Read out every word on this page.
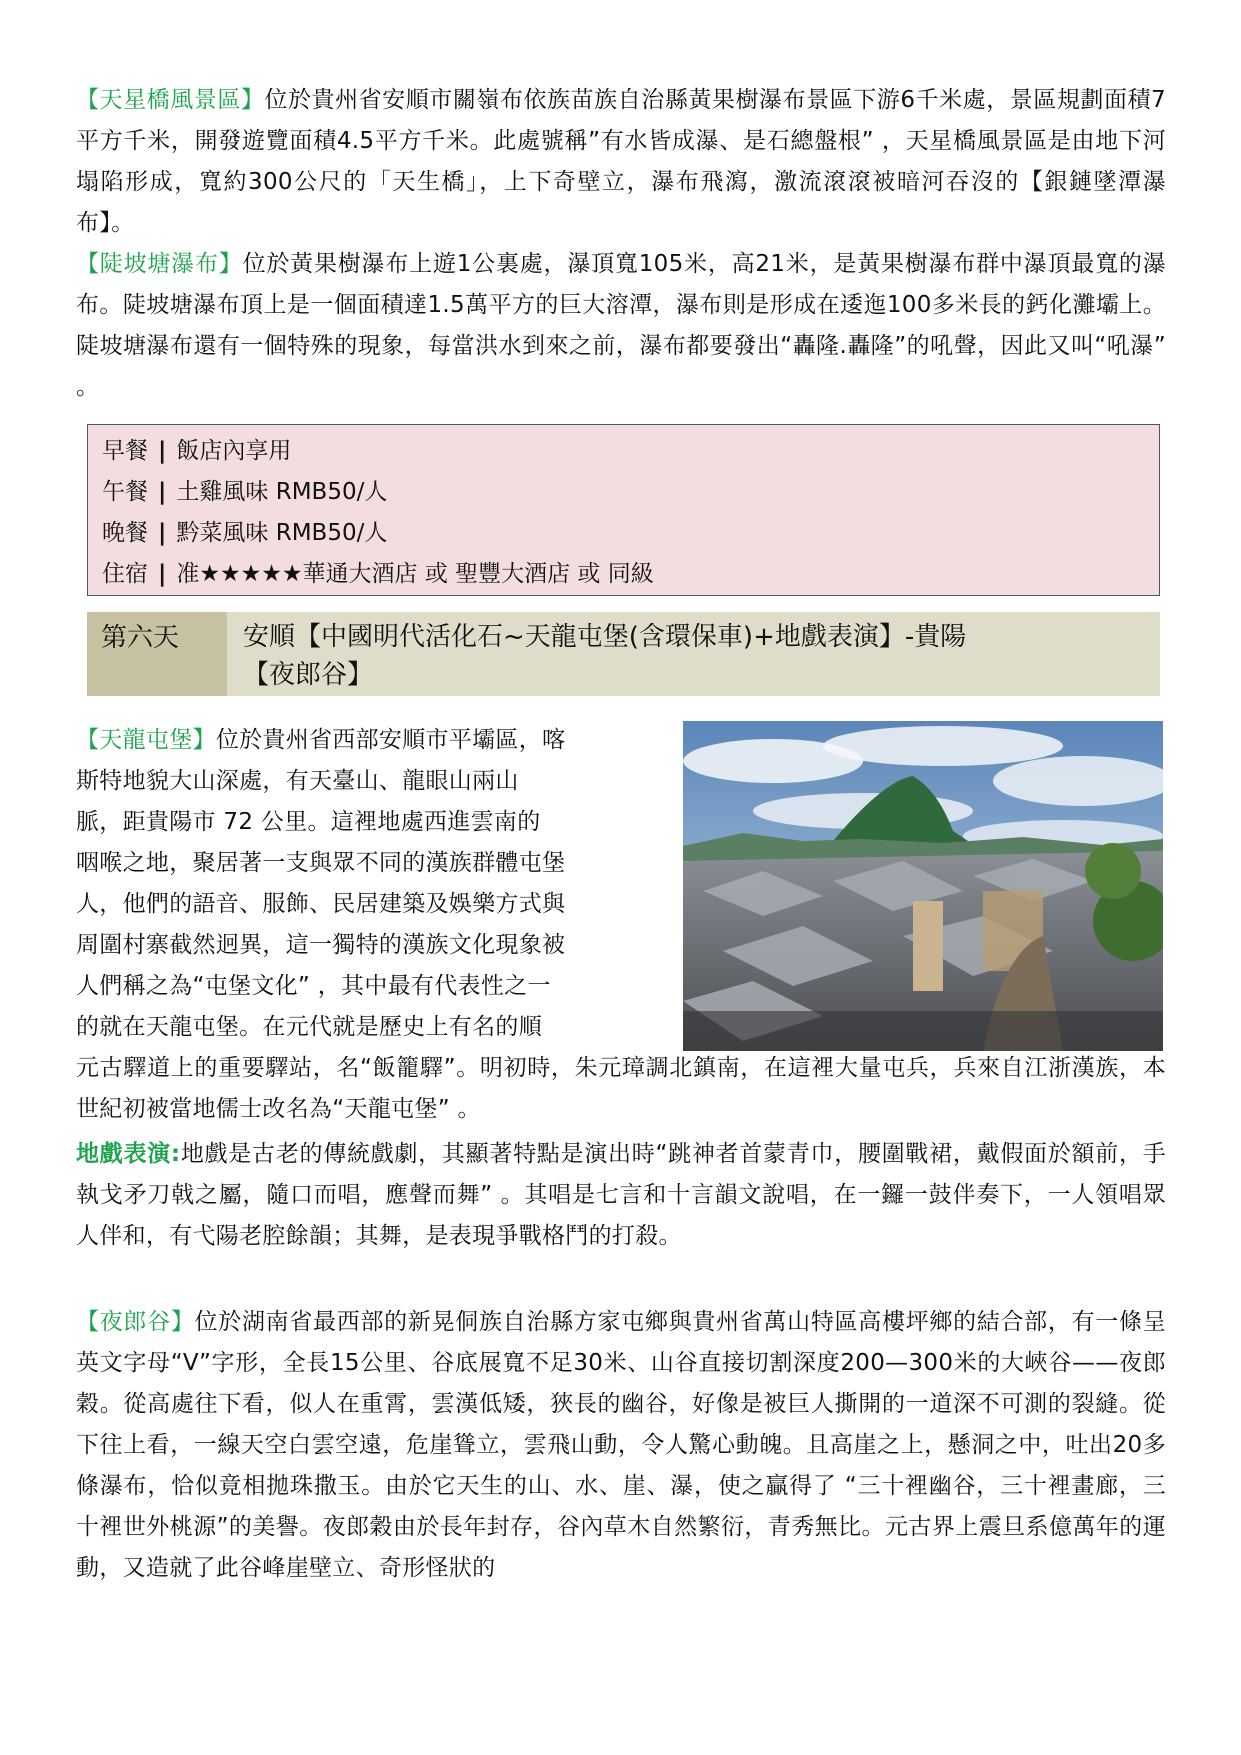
【天星橋風景區】位於貴州省安順市關嶺布依族苗族自治縣黃果樹瀑布景區下游6千米處，景區規劃面積7平方千米，開發遊覽面積4.5平方千米。此處號稱”有水皆成瀑、是石總盤根” ，天星橋風景區是由地下河塌陷形成，寬約300公尺的「天生橋」，上下奇壁立，瀑布飛瀉，激流滾滾被暗河吞沒的【銀鏈墜潭瀑布】。

【陡坡塘瀑布】位於黃果樹瀑布上遊1公裏處，瀑頂寬105米，高21米，是黃果樹瀑布群中瀑頂最寬的瀑布。陡坡塘瀑布頂上是一個面積達1.5萬平方的巨大溶潭，瀑布則是形成在逶迤100多米長的鈣化灘壩上。陡坡塘瀑布還有一個特殊的現象，每當洪水到來之前，瀑布都要發出“轟隆.轟隆”的吼聲，因此又叫“吼瀑” 。

早餐 | 飯店內享用
午餐 | 土雞風味 RMB50/人
晚餐 | 黔菜風味 RMB50/人
住宿 | 准★★★★★華通大酒店 或 聖豐大酒店 或 同級
第六天	安順【中國明代活化石~天龍屯堡(含環保車)+地戲表演】-貴陽
【夜郎谷】
【天龍屯堡】位於貴州省西部安順市平壩區，喀
斯特地貌大山深處，有天臺山、龍眼山兩山
脈，距貴陽市 72 公里。這裡地處西進雲南的
咽喉之地，聚居著一支與眾不同的漢族群體屯堡
人，他們的語音、服飾、民居建築及娛樂方式與
周圍村寨截然迥異，這一獨特的漢族文化現象被
人們稱之為“屯堡文化” ，其中最有代表性之一
的就在天龍屯堡。在元代就是歷史上有名的順

元古驛道上的重要驛站，名“飯籠驛”。明初時，朱元璋調北鎮南，在這裡大量屯兵，兵來自江浙漢族，本世紀初被當地儒士改名為“天龍屯堡” 。

地戲表演:地戲是古老的傳統戲劇，其顯著特點是演出時“跳神者首蒙青巾，腰圍戰裙，戴假面於額前，手執戈矛刀戟之屬，隨口而唱，應聲而舞” 。其唱是七言和十言韻文說唱，在一鑼一鼓伴奏下，一人領唱眾人伴和，有弋陽老腔餘韻；其舞，是表現爭戰格鬥的打殺。

【夜郎谷】位於湖南省最西部的新晃侗族自治縣方家屯鄉與貴州省萬山特區高樓坪鄉的結合部，有一條呈英文字母“V”字形，全長15公里、谷底展寬不足30米、山谷直接切割深度200—300米的大峽谷——夜郎穀。從高處往下看，似人在重霄，雲漢低矮，狹長的幽谷，好像是被巨人撕開的一道深不可測的裂縫。從下往上看，一線天空白雲空遠，危崖聳立，雲飛山動，令人驚心動魄。且高崖之上，懸洞之中，吐出20多條瀑布，恰似竟相拋珠撒玉。由於它天生的山、水、崖、瀑，使之贏得了 “三十裡幽谷，三十裡畫廊，三十裡世外桃源”的美譽。夜郎穀由於長年封存，谷內草木自然繁衍，青秀無比。元古界上震旦系億萬年的運動，又造就了此谷峰崖壁立、奇形怪狀的
